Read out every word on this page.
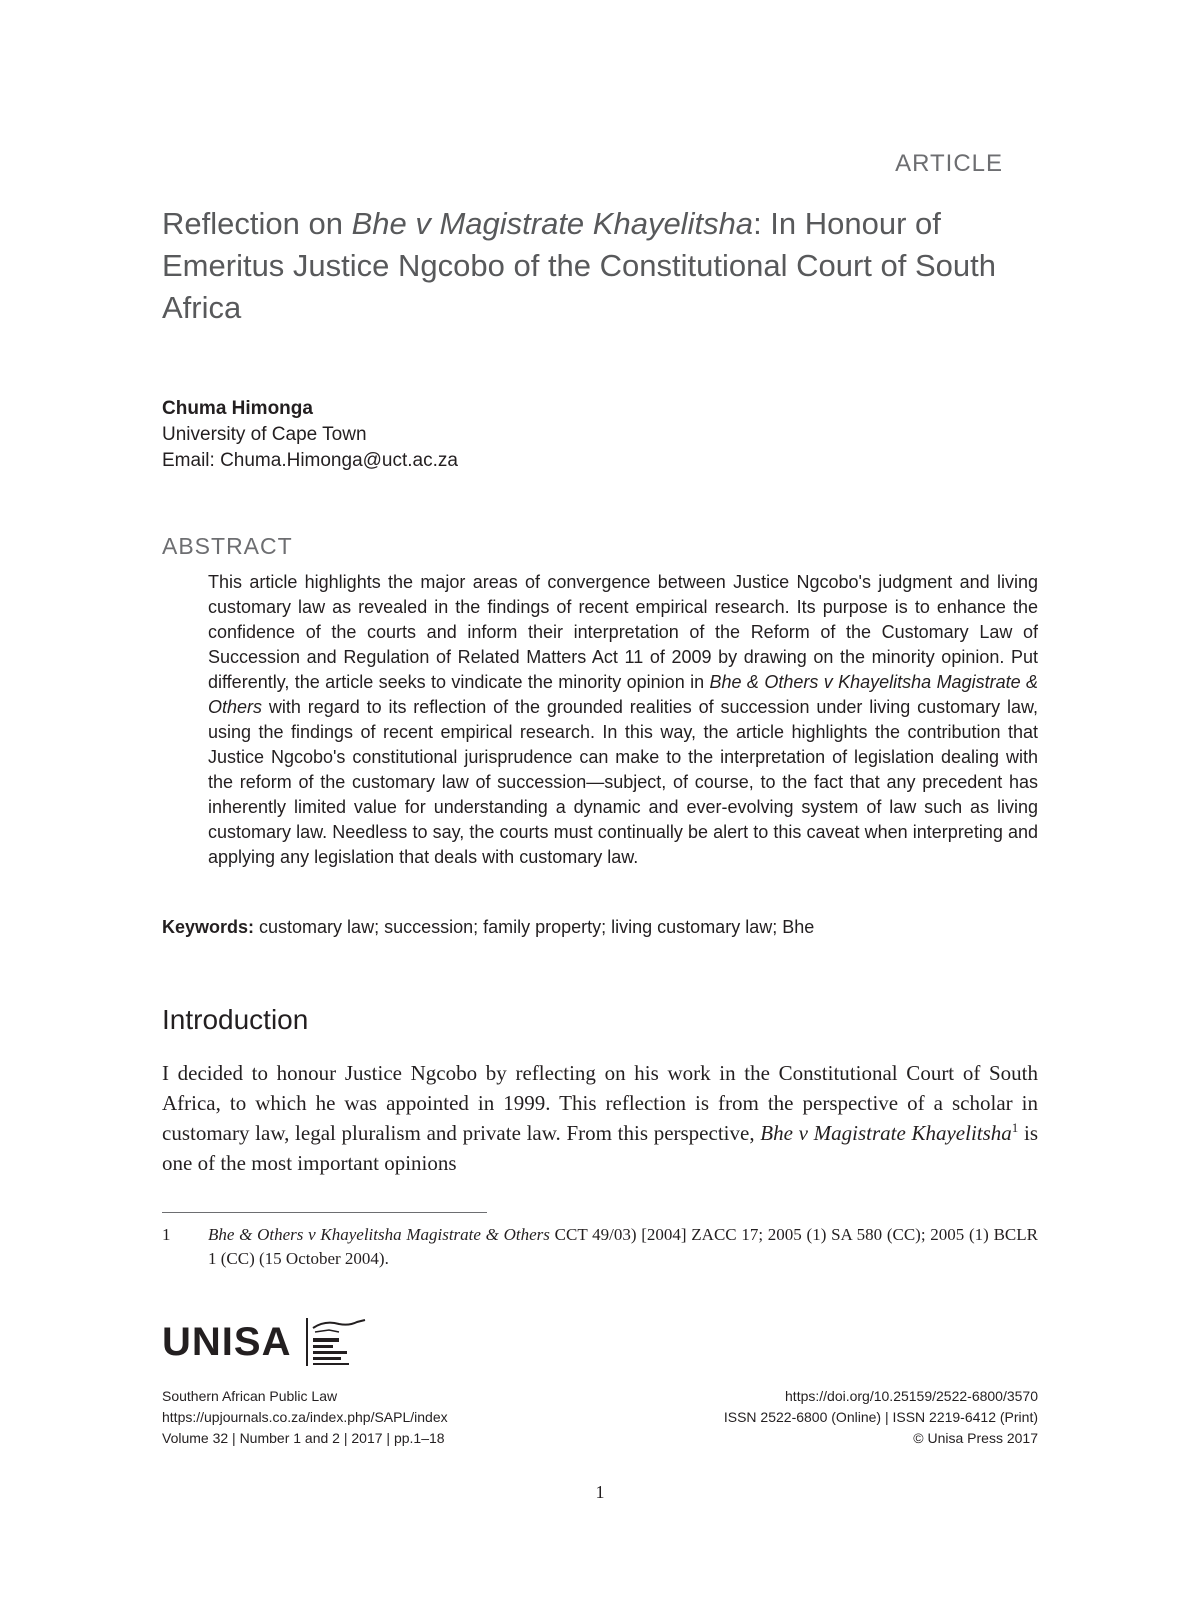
ARTICLE
Reflection on Bhe v Magistrate Khayelitsha: In Honour of Emeritus Justice Ngcobo of the Constitutional Court of South Africa
Chuma Himonga
University of Cape Town
Email: Chuma.Himonga@uct.ac.za
ABSTRACT
This article highlights the major areas of convergence between Justice Ngcobo's judgment and living customary law as revealed in the findings of recent empirical research. Its purpose is to enhance the confidence of the courts and inform their interpretation of the Reform of the Customary Law of Succession and Regulation of Related Matters Act 11 of 2009 by drawing on the minority opinion. Put differently, the article seeks to vindicate the minority opinion in Bhe & Others v Khayelitsha Magistrate & Others with regard to its reflection of the grounded realities of succession under living customary law, using the findings of recent empirical research. In this way, the article highlights the contribution that Justice Ngcobo's constitutional jurisprudence can make to the interpretation of legislation dealing with the reform of the customary law of succession—subject, of course, to the fact that any precedent has inherently limited value for understanding a dynamic and ever-evolving system of law such as living customary law. Needless to say, the courts must continually be alert to this caveat when interpreting and applying any legislation that deals with customary law.
Keywords: customary law; succession; family property; living customary law; Bhe
Introduction
I decided to honour Justice Ngcobo by reflecting on his work in the Constitutional Court of South Africa, to which he was appointed in 1999. This reflection is from the perspective of a scholar in customary law, legal pluralism and private law. From this perspective, Bhe v Magistrate Khayelitsha$^1$ is one of the most important opinions
1 Bhe & Others v Khayelitsha Magistrate & Others CCT 49/03) [2004] ZACC 17; 2005 (1) SA 580 (CC); 2005 (1) BCLR 1 (CC) (15 October 2004).
UNISA
Southern African Public Law
https://upjournals.co.za/index.php/SAPL/index
Volume 32 | Number 1 and 2 | 2017 | pp.1–18
https://doi.org/10.25159/2522-6800/3570
ISSN 2522-6800 (Online) | ISSN 2219-6412 (Print)
© Unisa Press 2017
1
